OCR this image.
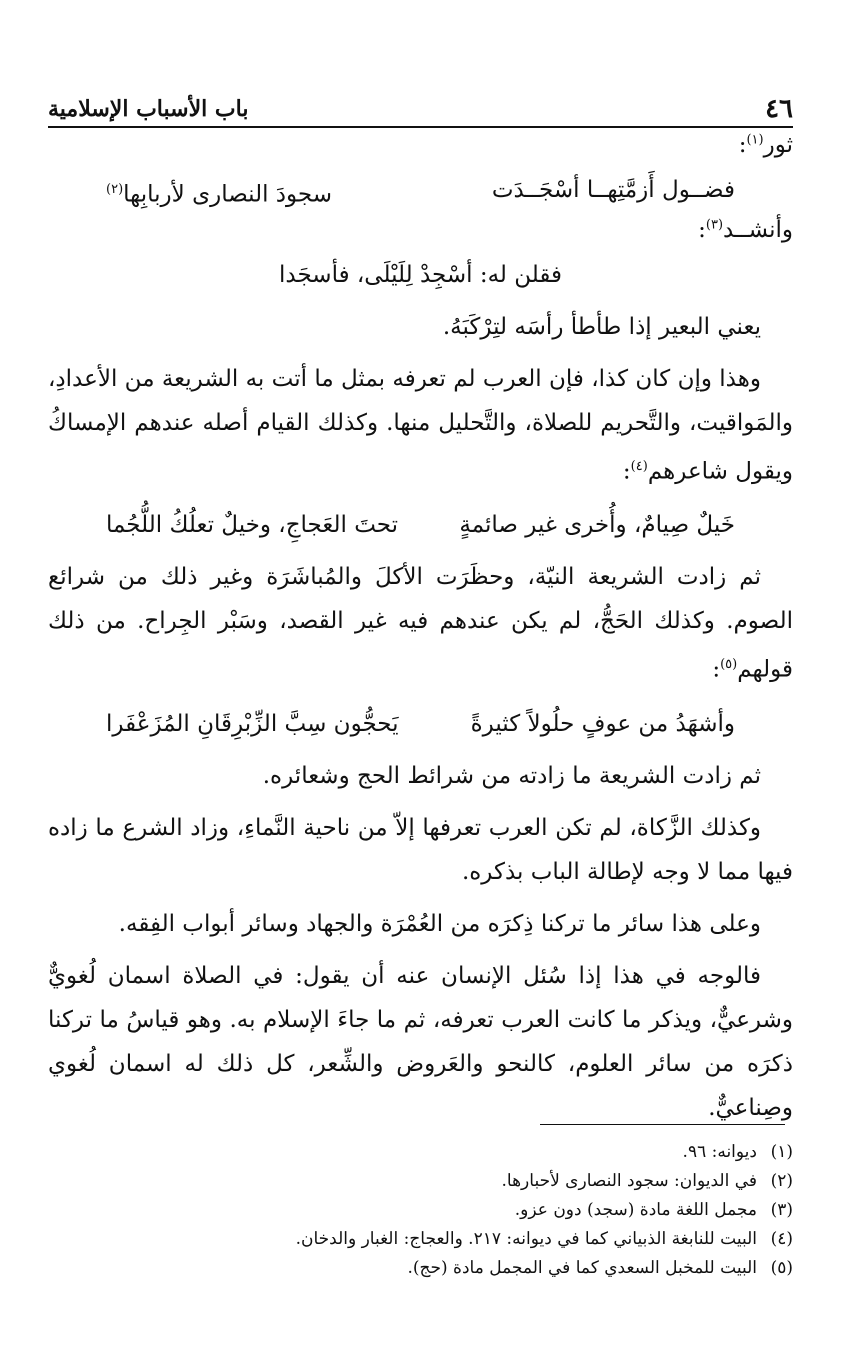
٤٦
باب الأسباب الإسلامية

ثور$^{(١)}$:

فضــول أَزمَّتِهــا أسْجَــدَت
سجودَ النصارى لأربابِها$^{(٢)}$

وأنشــد$^{(٣)}$:

فقلن له: أسْجِدْ لِلَيْلَى، فأسجَدا

يعني البعير إذا طأطأ رأسَه لتِرْكَبَهُ.

وهذا وإن كان كذا، فإن العرب لم تعرفه بمثل ما أتت به الشريعة من الأعدادِ، والمَواقيت، والتَّحريم للصلاة، والتَّحليل منها. وكذلك القيام أصله عندهم الإمساكُ ويقول شاعرهم$^{(٤)}$:

خَيلٌ صِيامٌ، وأُخرى غير صائمةٍ
تحتَ العَجاجِ، وخيلٌ تعلُكُ اللُّجُما

ثم زادت الشريعة النيّة، وحظَرَت الأكلَ والمُباشَرَة وغير ذلك من شرائع الصوم. وكذلك الحَجُّ، لم يكن عندهم فيه غير القصد، وسَبْر الجِراح. من ذلك قولهم$^{(٥)}$:

وأشهَدُ من عوفٍ حلُولاً كثيرةً
يَحجُّون سِبَّ الزِّبْرِقَانِ المُزَعْفَرا

ثم زادت الشريعة ما زادته من شرائط الحج وشعائره.

وكذلك الزَّكاة، لم تكن العرب تعرفها إلاّ من ناحية النَّماءِ، وزاد الشرع ما زاده فيها مما لا وجه لإطالة الباب بذكره.

وعلى هذا سائر ما تركنا ذِكرَه من العُمْرَة والجهاد وسائر أبواب الفِقه.

فالوجه في هذا إذا سُئل الإنسان عنه أن يقول: في الصلاة اسمان لُغويٌّ وشرعيٌّ، ويذكر ما كانت العرب تعرفه، ثم ما جاءَ الإسلام به. وهو قياسُ ما تركنا ذكرَه من سائر العلوم، كالنحو والعَروض والشِّعر، كل ذلك له اسمان لُغوي وصِناعيٌّ.

(١)
ديوانه: ٩٦.
(٢)
في الديوان: سجود النصارى لأحبارها.
(٣)
مجمل اللغة مادة (سجد) دون عزو.
(٤)
البيت للنابغة الذبياني كما في ديوانه: ٢١٧. والعجاج: الغبار والدخان.
(٥)
البيت للمخبل السعدي كما في المجمل مادة (حج).
